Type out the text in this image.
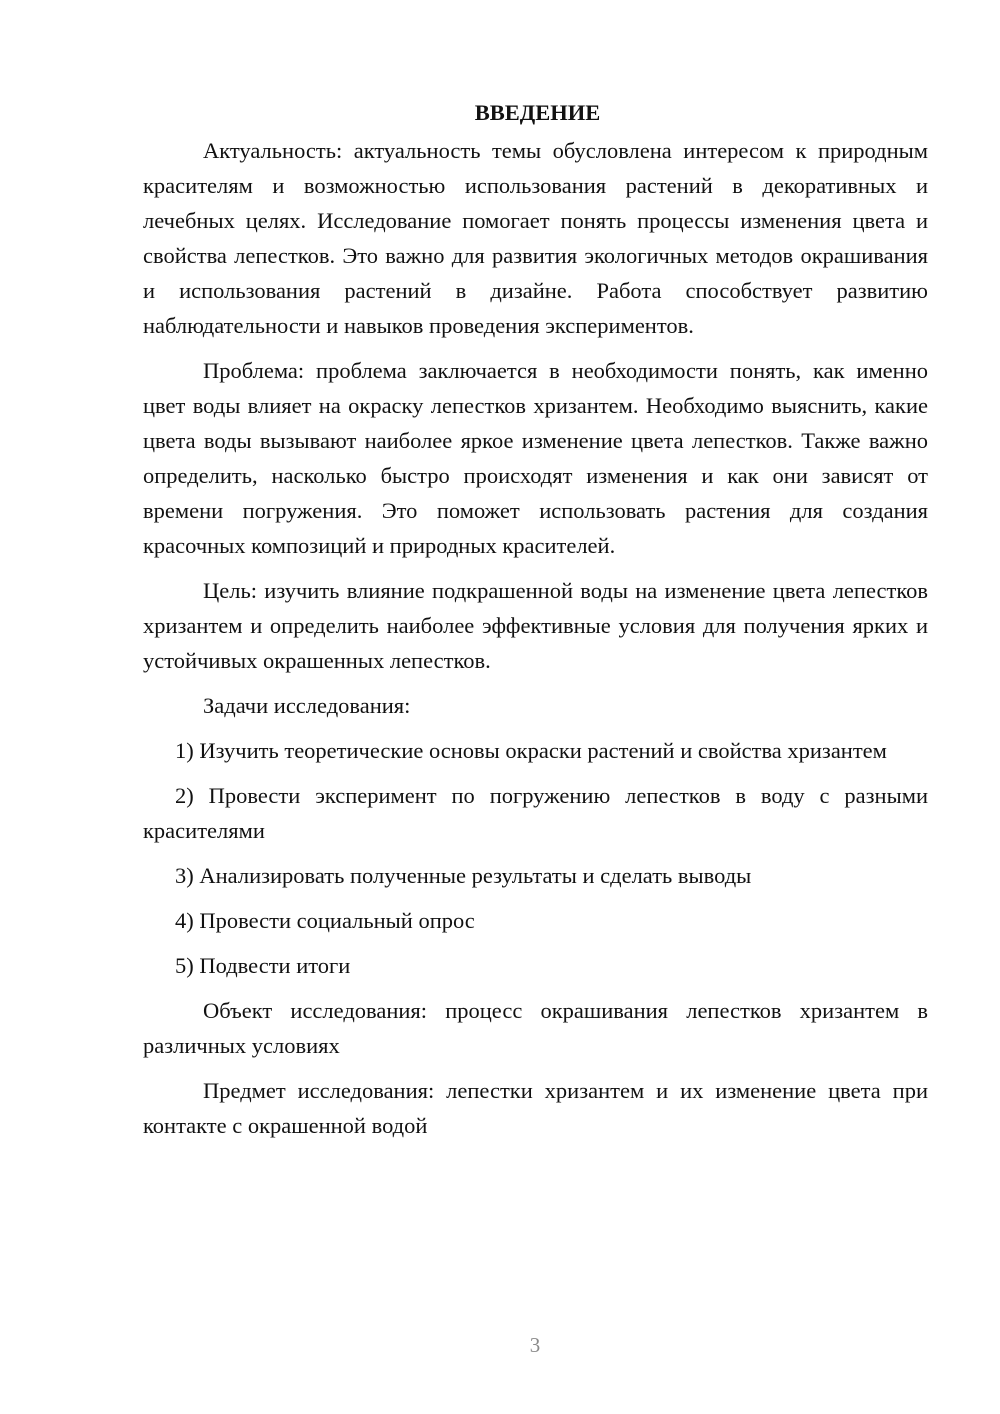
ВВЕДЕНИЕ

Актуальность: актуальность темы обусловлена интересом к природным красителям и возможностью использования растений в декоративных и лечебных целях. Исследование помогает понять процессы изменения цвета и свойства лепестков. Это важно для развития экологичных методов окрашивания и использования растений в дизайне. Работа способствует развитию наблюдательности и навыков проведения экспериментов.

Проблема: проблема заключается в необходимости понять, как именно цвет воды влияет на окраску лепестков хризантем. Необходимо выяснить, какие цвета воды вызывают наиболее яркое изменение цвета лепестков. Также важно определить, насколько быстро происходят изменения и как они зависят от времени погружения. Это поможет использовать растения для создания красочных композиций и природных красителей.

Цель: изучить влияние подкрашенной воды на изменение цвета лепестков хризантем и определить наиболее эффективные условия для получения ярких и устойчивых окрашенных лепестков.

Задачи исследования:

1) Изучить теоретические основы окраски растений и свойства хризантем

2) Провести эксперимент по погружению лепестков в воду с разными красителями

3) Анализировать полученные результаты и сделать выводы

4) Провести социальный опрос

5) Подвести итоги

Объект исследования: процесс окрашивания лепестков хризантем в различных условиях

Предмет исследования: лепестки хризантем и их изменение цвета при контакте с окрашенной водой

3
